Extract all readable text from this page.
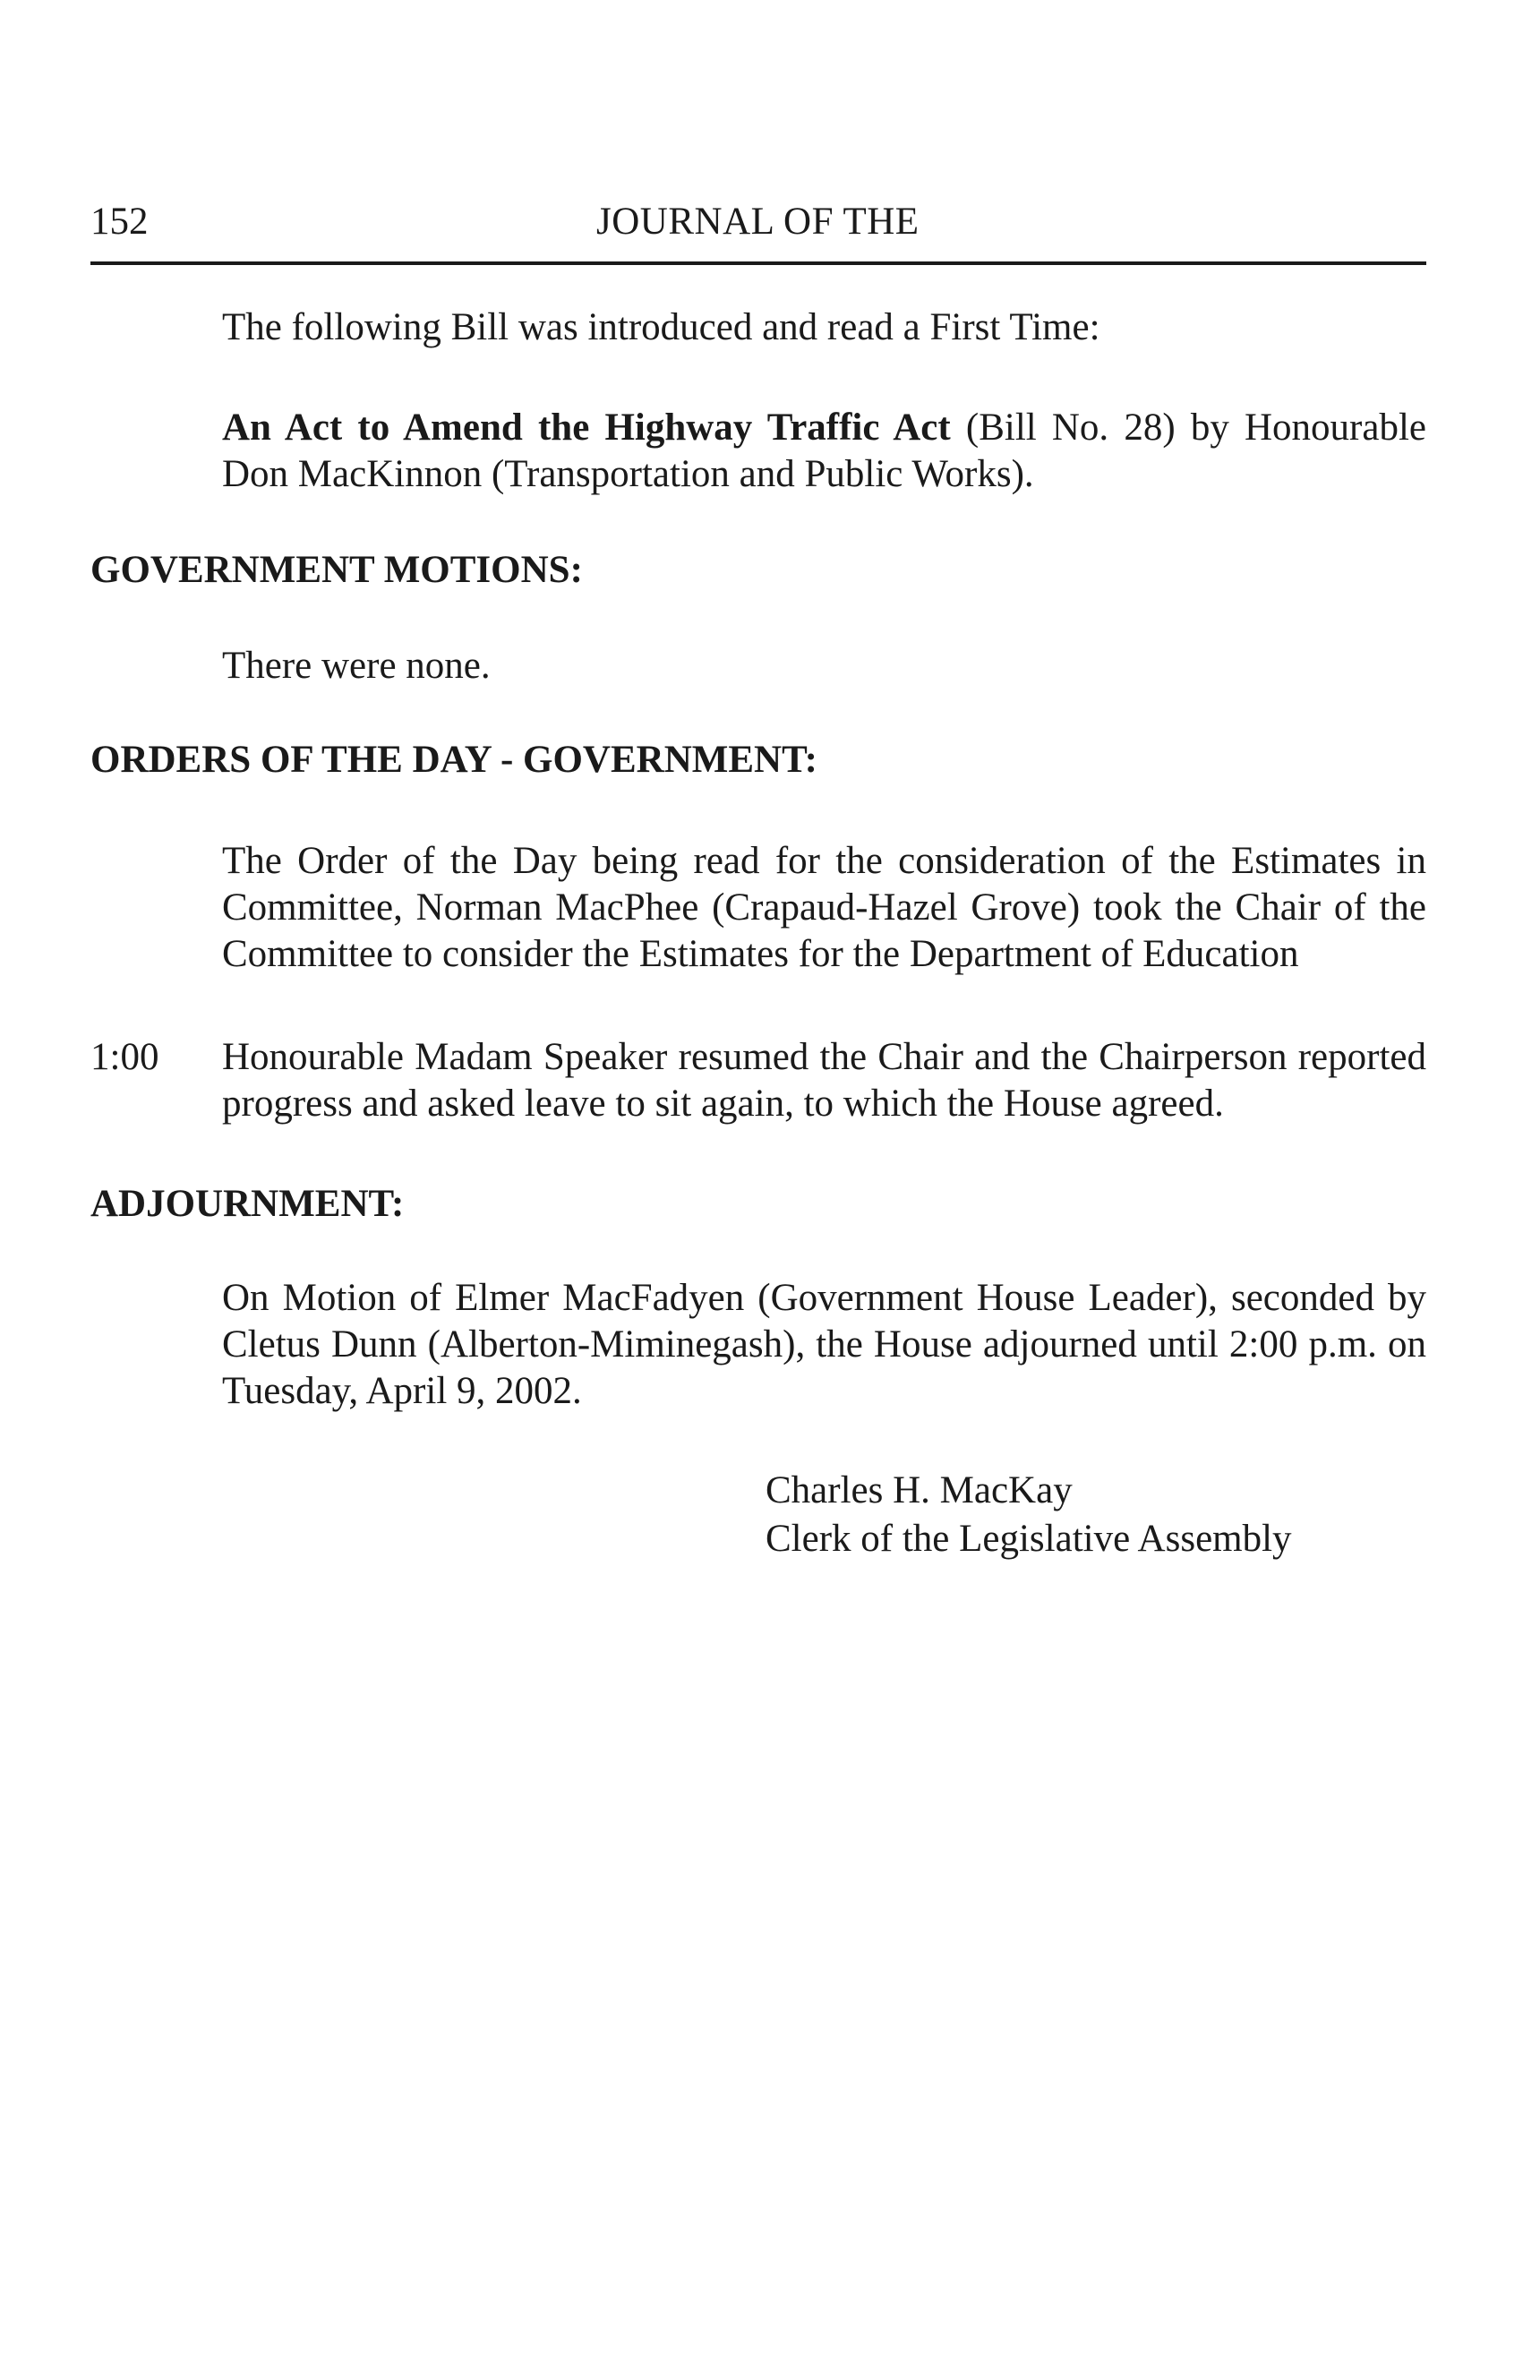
152	JOURNAL OF THE

The following Bill was introduced and read a First Time:

An Act to Amend the Highway Traffic Act (Bill No. 28) by Honourable Don MacKinnon (Transportation and Public Works).

GOVERNMENT MOTIONS:

There were none.

ORDERS OF THE DAY - GOVERNMENT:

The Order of the Day being read for the consideration of the Estimates in Committee, Norman MacPhee (Crapaud-Hazel Grove) took the Chair of the Committee to consider the Estimates for the Department of Education

1:00 Honourable Madam Speaker resumed the Chair and the Chairperson reported progress and asked leave to sit again, to which the House agreed.

ADJOURNMENT:

On Motion of Elmer MacFadyen (Government House Leader), seconded by Cletus Dunn (Alberton-Miminegash), the House adjourned until 2:00 p.m. on Tuesday, April 9, 2002.

Charles H. MacKay
Clerk of the Legislative Assembly
